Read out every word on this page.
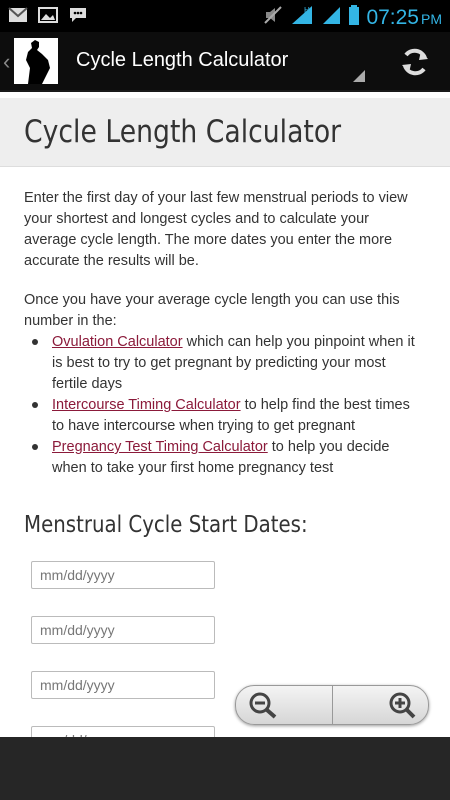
H	07:25 PM
‹	Cycle Length Calculator
Cycle Length Calculator

Enter the first day of your last few menstrual periods to view your shortest and longest cycles and to calculate your average cycle length. The more dates you enter the more accurate the results will be.

Once you have your average cycle length you can use this number in the:

Ovulation Calculator which can help you pinpoint when it is best to try to get pregnant by predicting your most fertile days
Intercourse Timing Calculator to help find the best times to have intercourse when trying to get pregnant
Pregnancy Test Timing Calculator to help you decide when to take your first home pregnancy test
Menstrual Cycle Start Dates:
mm/dd/yyyy
mm/dd/yyyy
mm/dd/yyyy
mm/dd/yyyy
